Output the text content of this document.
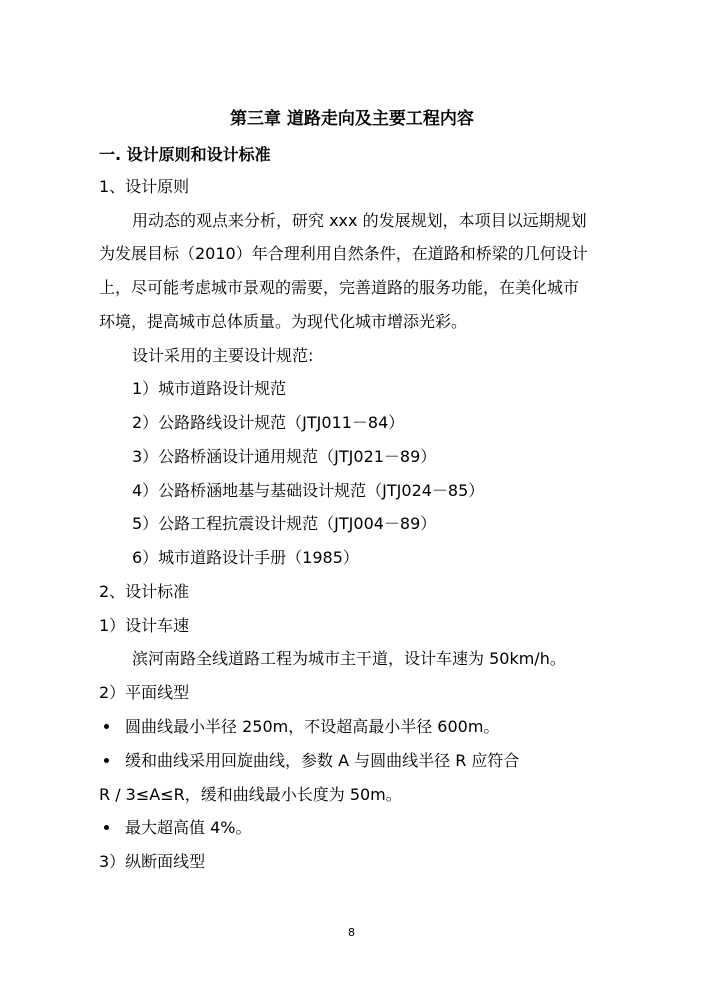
第三章 道路走向及主要工程内容
一. 设计原则和设计标准
1、设计原则
用动态的观点来分析，研究 xxx 的发展规划，本项目以远期规划
为发展目标（2010）年合理利用自然条件，在道路和桥梁的几何设计
上，尽可能考虑城市景观的需要，完善道路的服务功能，在美化城市
环境，提高城市总体质量。为现代化城市增添光彩。
设计采用的主要设计规范:
1）城市道路设计规范
2）公路路线设计规范（JTJ011－84）
3）公路桥涵设计通用规范（JTJ021－89）
4）公路桥涵地基与基础设计规范（JTJ024－85）
5）公路工程抗震设计规范（JTJ004－89）
6）城市道路设计手册（1985）
2、设计标准
1）设计车速
滨河南路全线道路工程为城市主干道，设计车速为 50km/h。
2）平面线型
圆曲线最小半径 250m，不设超高最小半径 600m。
缓和曲线采用回旋曲线，参数 A 与圆曲线半径 R 应符合
R / 3≤A≤R，缓和曲线最小长度为 50m。
最大超高值 4%。
3）纵断面线型
8
